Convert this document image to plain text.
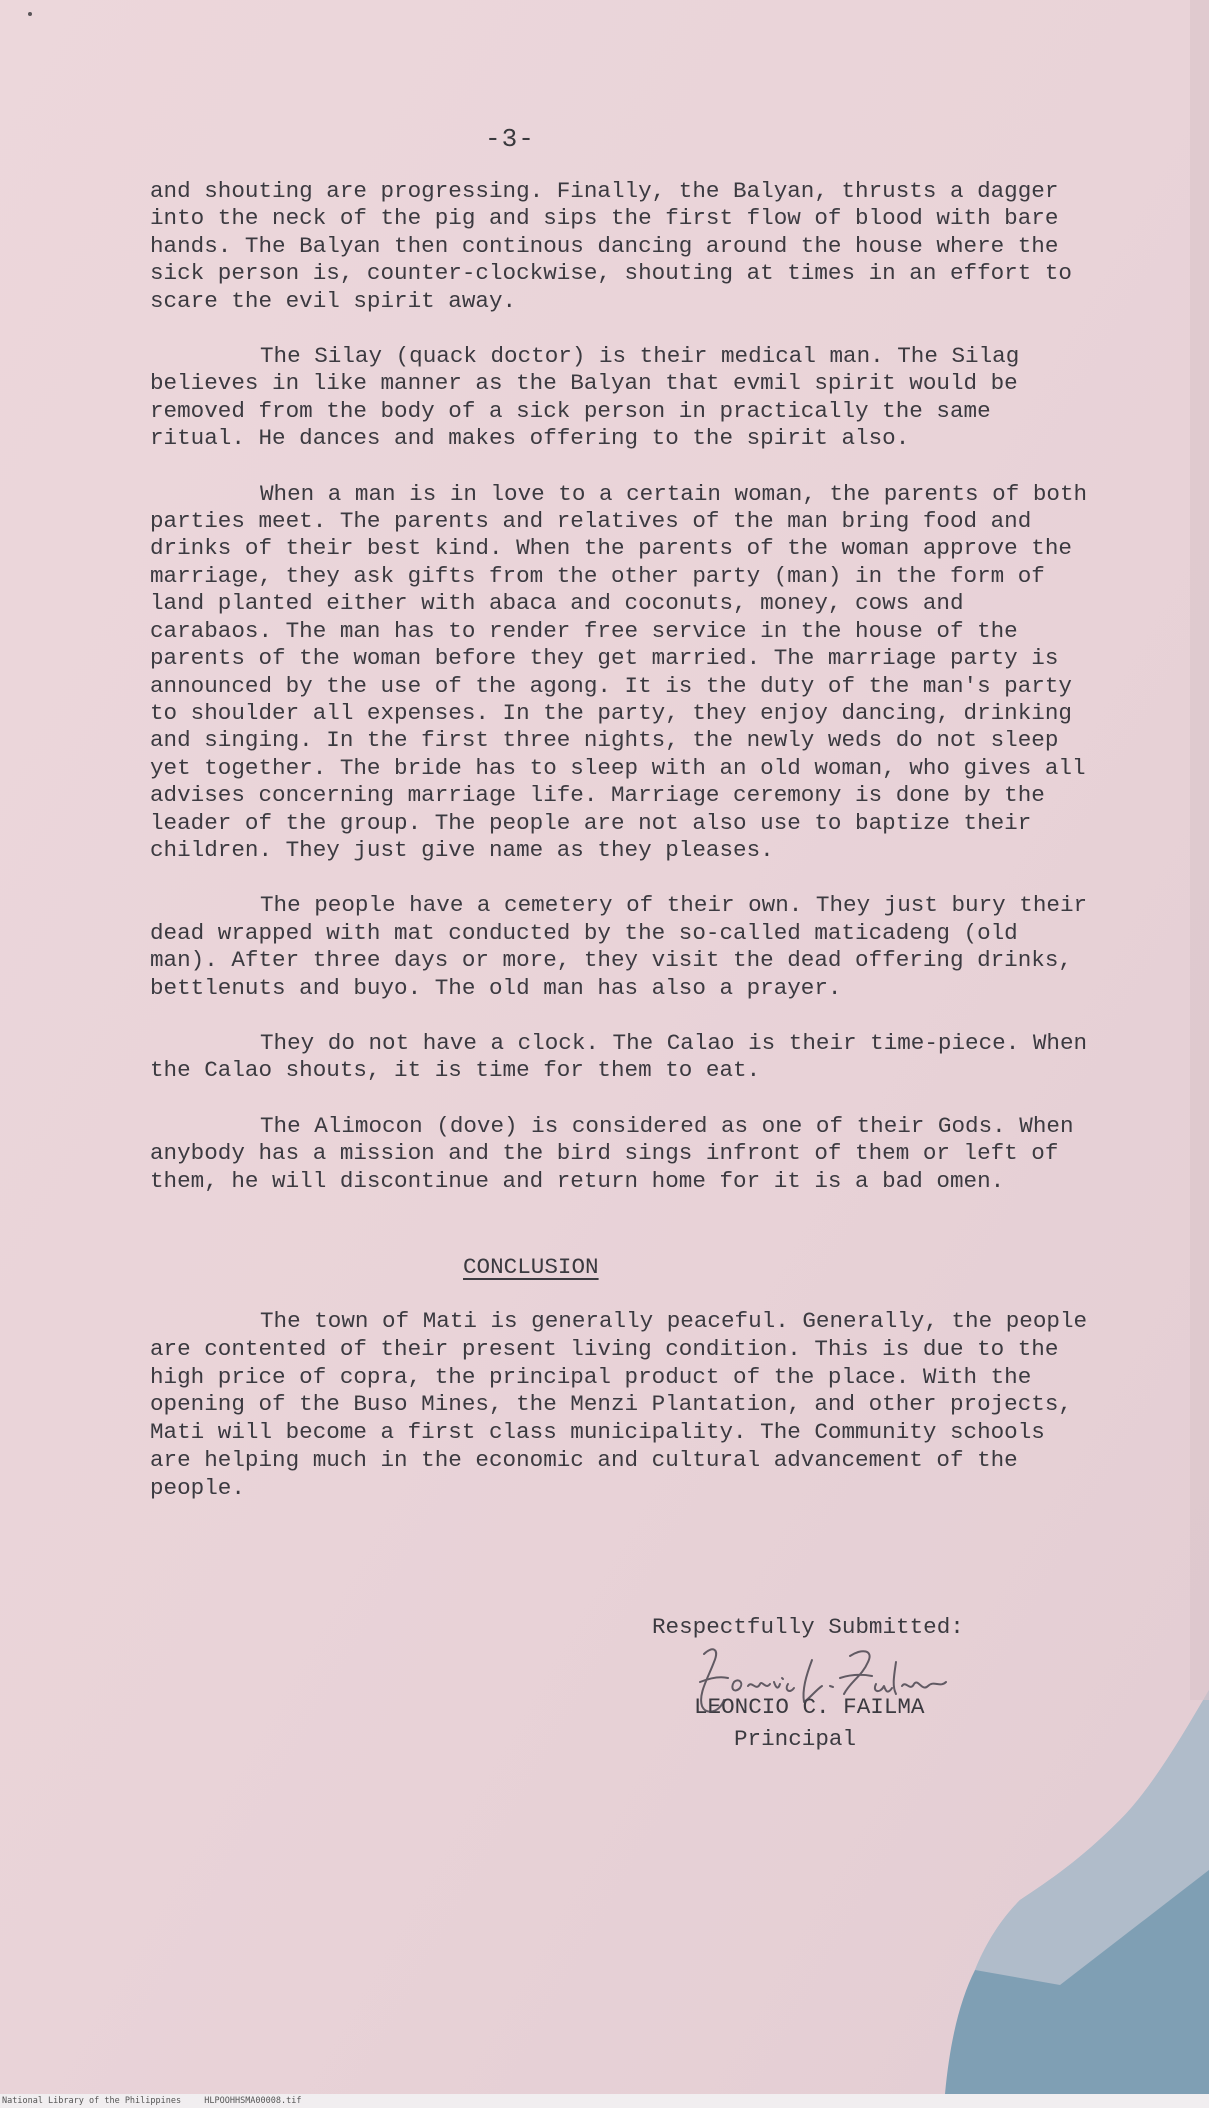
-3-

and shouting are progressing. Finally, the Balyan, thrusts a dagger into the neck of the pig and sips the first flow of blood with bare hands. The Balyan then continous dancing around the house where the sick person is, counter-clockwise, shouting at times in an effort to scare the evil spirit away.

The Silay (quack doctor) is their medical man. The Silag believes in like manner as the Balyan that evmil spirit would be removed from the body of a sick person in practically the same ritual. He dances and makes offering to the spirit also.

When a man is in love to a certain woman, the parents of both parties meet. The parents and relatives of the man bring food and drinks of their best kind. When the parents of the woman approve the marriage, they ask gifts from the other party (man) in the form of land planted either with abaca and coconuts, money, cows and carabaos. The man has to render free service in the house of the parents of the woman before they get married. The marriage party is announced by the use of the agong. It is the duty of the man's party to shoulder all expenses. In the party, they enjoy dancing, drinking and singing. In the first three nights, the newly weds do not sleep yet together. The bride has to sleep with an old woman, who gives all advises concerning marriage life. Marriage ceremony is done by the leader of the group. The people are not also use to baptize their children. They just give name as they pleases.

The people have a cemetery of their own. They just bury their dead wrapped with mat conducted by the so-called maticadeng (old man). After three days or more, they visit the dead offering drinks, bettlenuts and buyo. The old man has also a prayer.

They do not have a clock. The Calao is their time-piece. When the Calao shouts, it is time for them to eat.

The Alimocon (dove) is considered as one of their Gods. When anybody has a mission and the bird sings infront of them or left of them, he will discontinue and return home for it is a bad omen.

CONCLUSION

The town of Mati is generally peaceful. Generally, the people are contented of their present living condition. This is due to the high price of copra, the principal product of the place. With the opening of the Buso Mines, the Menzi Plantation, and other projects, Mati will become a first class municipality. The Community schools are helping much in the economic and cultural advancement of the people.

Respectfully Submitted:
LEONCIO C. FAILMA
Principal
National Library of the Philippines	HLPOOHHSMA00008.tif
